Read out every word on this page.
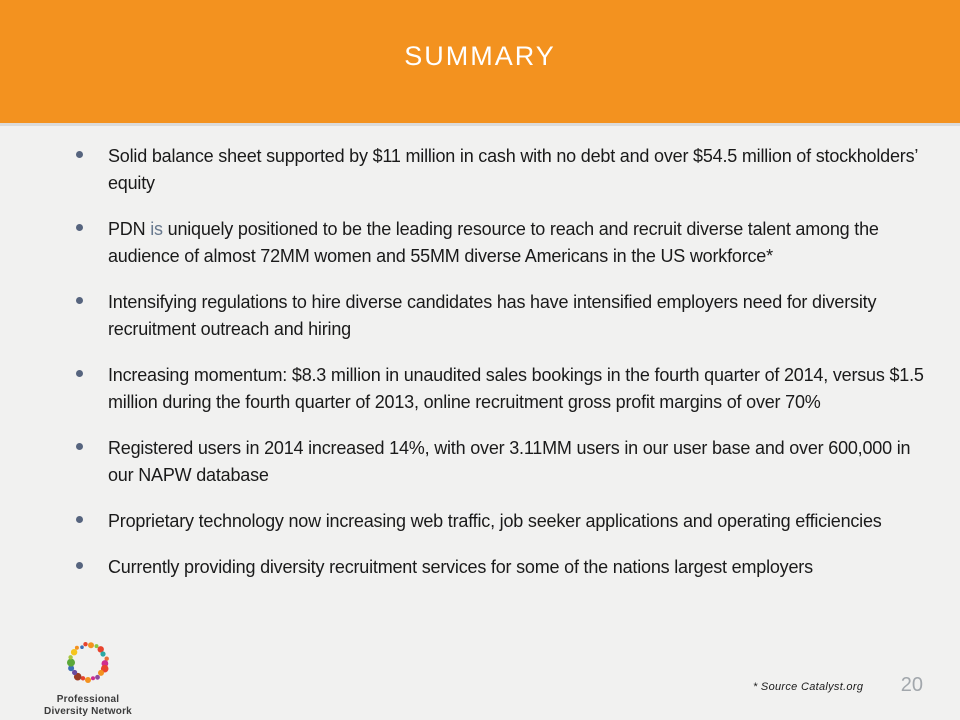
SUMMARY
Solid balance sheet supported by $11 million in cash with no debt and over $54.5 million of stockholders’ equity
PDN is uniquely positioned to be the leading resource to reach and recruit diverse talent among the audience of almost 72MM women and 55MM diverse Americans in the US workforce*
Intensifying regulations to hire diverse candidates has have intensified employers need for diversity recruitment outreach and hiring
Increasing momentum: $8.3 million in unaudited sales bookings in the fourth quarter of 2014, versus $1.5 million during the fourth quarter of 2013, online recruitment gross profit margins of over 70%
Registered users in 2014 increased 14%, with over 3.11MM users in our user base and over 600,000 in our NAPW database
Proprietary technology now increasing web traffic, job seeker applications and operating efficiencies
Currently providing diversity recruitment services for some of the nations largest employers
Professional
Diversity Network
* Source Catalyst.org 20
